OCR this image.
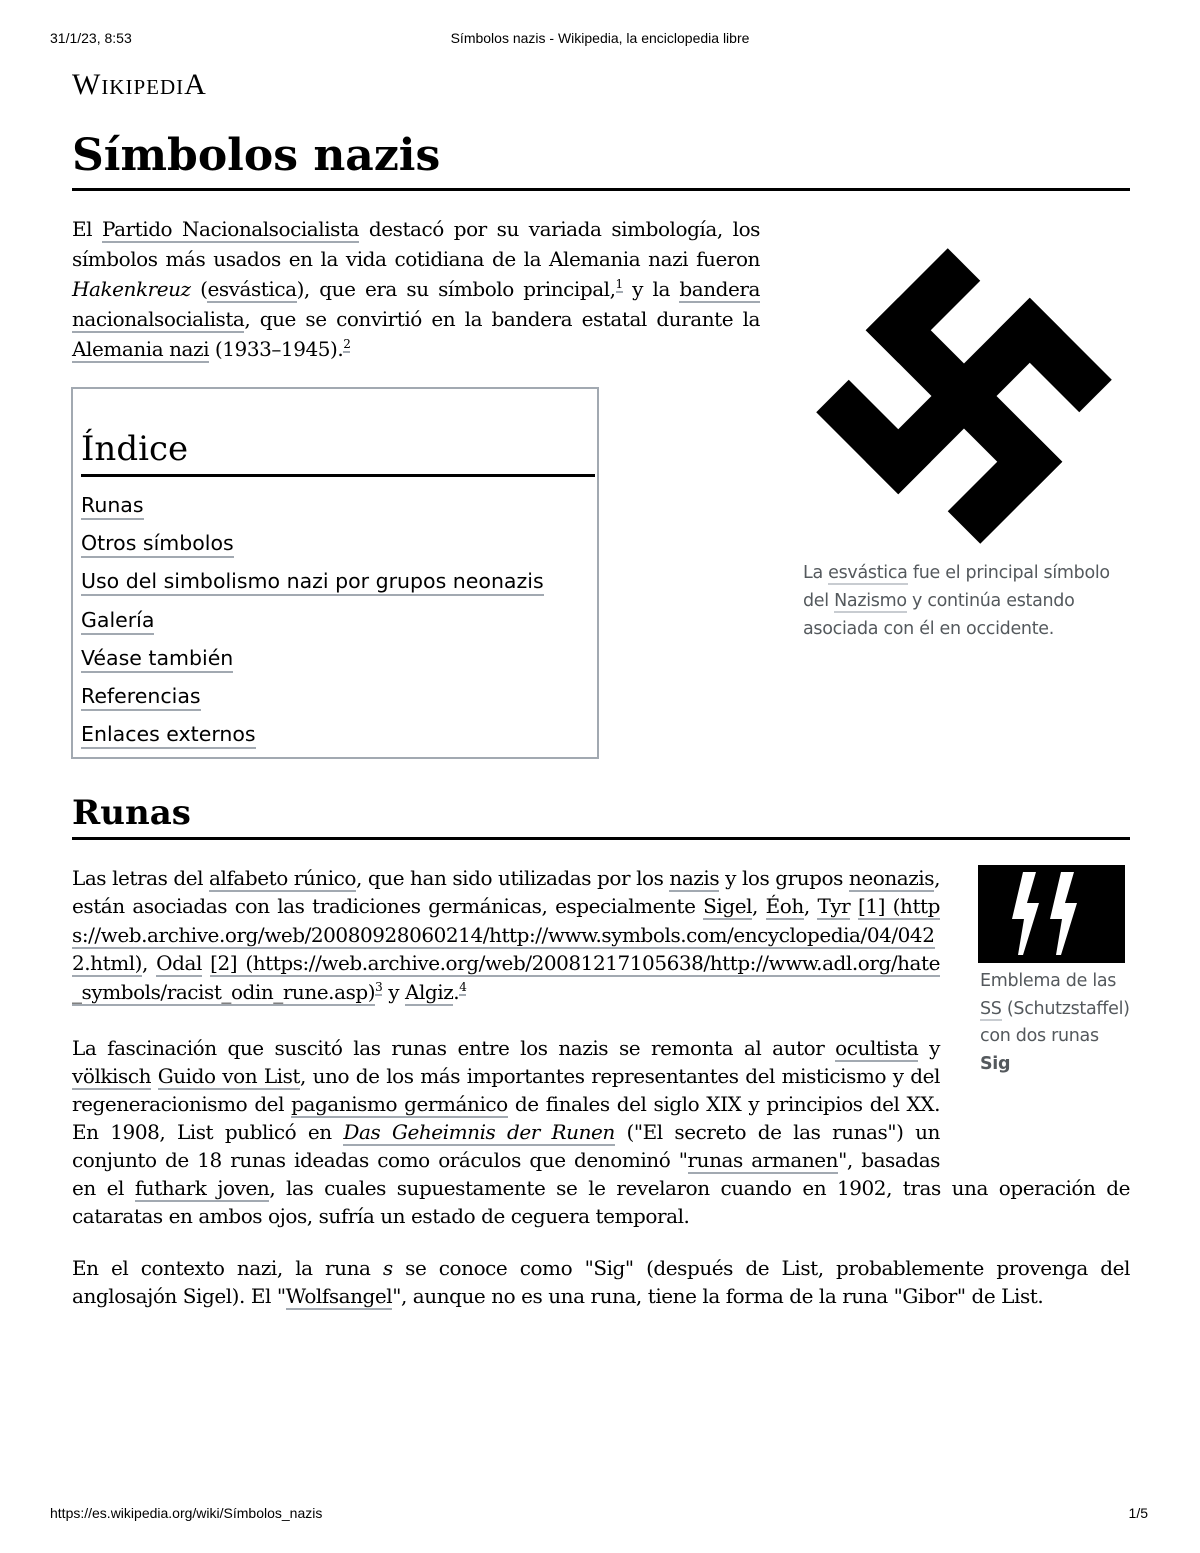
31/1/23, 8:53	Símbolos nazis - Wikipedia, la enciclopedia libre
WikipediA
Símbolos nazis

El Partido Nacionalsocialista destacó por su variada simbología, los símbolos más usados en la vida cotidiana de la Alemania nazi fueron Hakenkreuz (esvástica), que era su símbolo principal,$^1$ y la bandera nacionalsocialista, que se convirtió en la bandera estatal durante la Alemania nazi (1933–1945).$^2$

La esvástica fue el principal símbolo del Nazismo y continúa estando asociada con él en occidente.
Índice
Runas
Otros símbolos
Uso del simbolismo nazi por grupos neonazis
Galería
Véase también
Referencias
Enlaces externos
Runas
Emblema de las SS (Schutzstaffel) con dos runas Sig

Las letras del alfabeto rúnico, que han sido utilizadas por los nazis y los grupos neonazis, están asociadas con las tradiciones germánicas, especialmente Sigel, Éoh, Tyr [1] (https://web.archive.org/web/20080928060214/http://www.symbols.com/encyclopedia/04/0422.html), Odal [2] (https://web.archive.org/web/20081217105638/http://www.adl.org/hate_symbols/racist_odin_rune.asp)$^3$ y Algiz.$^4$

La fascinación que suscitó las runas entre los nazis se remonta al autor ocultista y völkisch Guido von List, uno de los más importantes representantes del misticismo y del regeneracionismo del paganismo germánico de finales del siglo XIX y principios del XX. En 1908, List publicó en Das Geheimnis der Runen ("El secreto de las runas") un conjunto de 18 runas ideadas como oráculos que denominó "runas armanen", basadas en el futhark joven, las cuales supuestamente se le revelaron cuando en 1902, tras una operación de cataratas en ambos ojos, sufría un estado de ceguera temporal.

En el contexto nazi, la runa s se conoce como "Sig" (después de List, probablemente provenga del anglosajón Sigel). El "Wolfsangel", aunque no es una runa, tiene la forma de la runa "Gibor" de List.

https://es.wikipedia.org/wiki/Símbolos_nazis	1/5
